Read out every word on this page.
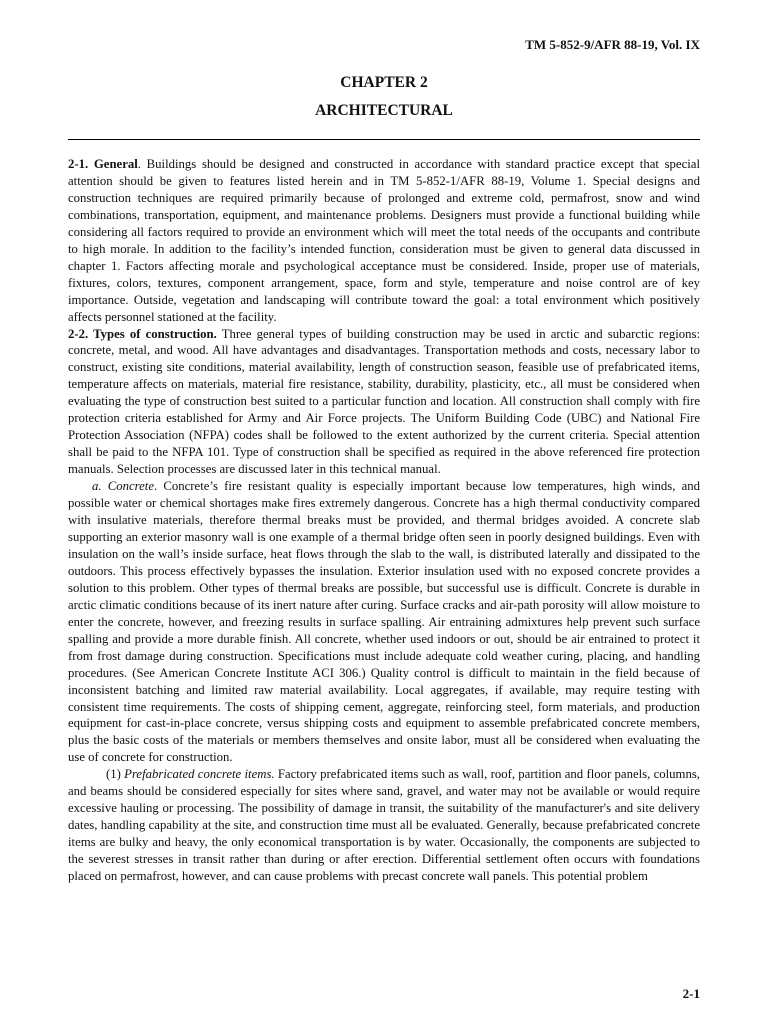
TM 5-852-9/AFR 88-19, Vol. IX
CHAPTER 2
ARCHITECTURAL

2-1. General. Buildings should be designed and constructed in accordance with standard practice except that special attention should be given to features listed herein and in TM 5-852-1/AFR 88-19, Volume 1. Special designs and construction techniques are required primarily because of prolonged and extreme cold, permafrost, snow and wind combinations, transportation, equipment, and maintenance problems. Designers must provide a functional building while considering all factors required to provide an environment which will meet the total needs of the occupants and contribute to high morale. In addition to the facility’s intended function, consideration must be given to general data discussed in chapter 1. Factors affecting morale and psychological acceptance must be considered. Inside, proper use of materials, fixtures, colors, textures, component arrangement, space, form and style, temperature and noise control are of key importance. Outside, vegetation and landscaping will contribute toward the goal: a total environment which positively affects personnel stationed at the facility.

2-2. Types of construction. Three general types of building construction may be used in arctic and subarctic regions: concrete, metal, and wood. All have advantages and disadvantages. Transportation methods and costs, necessary labor to construct, existing site conditions, material availability, length of construction season, feasible use of prefabricated items, temperature affects on materials, material fire resistance, stability, durability, plasticity, etc., all must be considered when evaluating the type of construction best suited to a particular function and location. All construction shall comply with fire protection criteria established for Army and Air Force projects. The Uniform Building Code (UBC) and National Fire Protection Association (NFPA) codes shall be followed to the extent authorized by the current criteria. Special attention shall be paid to the NFPA 101. Type of construction shall be specified as required in the above referenced fire protection manuals. Selection processes are discussed later in this technical manual.

a. Concrete. Concrete’s fire resistant quality is especially important because low temperatures, high winds, and possible water or chemical shortages make fires extremely dangerous. Concrete has a high thermal conductivity compared with insulative materials, therefore thermal breaks must be provided, and thermal bridges avoided. A concrete slab supporting an exterior masonry wall is one example of a thermal bridge often seen in poorly designed buildings. Even with insulation on the wall’s inside surface, heat flows through the slab to the wall, is distributed laterally and dissipated to the outdoors. This process effectively bypasses the insulation. Exterior insulation used with no exposed concrete provides a solution to this problem. Other types of thermal breaks are possible, but successful use is difficult. Concrete is durable in arctic climatic conditions because of its inert nature after curing. Surface cracks and air-path porosity will allow moisture to enter the concrete, however, and freezing results in surface spalling. Air entraining admixtures help prevent such surface spalling and provide a more durable finish. All concrete, whether used indoors or out, should be air entrained to protect it from frost damage during construction. Specifications must include adequate cold weather curing, placing, and handling procedures. (See American Concrete Institute ACI 306.) Quality control is difficult to maintain in the field because of inconsistent batching and limited raw material availability. Local aggregates, if available, may require testing with consistent time requirements. The costs of shipping cement, aggregate, reinforcing steel, form materials, and production equipment for cast-in-place concrete, versus shipping costs and equipment to assemble prefabricated concrete members, plus the basic costs of the materials or members themselves and onsite labor, must all be considered when evaluating the use of concrete for construction.

(1) Prefabricated concrete items. Factory prefabricated items such as wall, roof, partition and floor panels, columns, and beams should be considered especially for sites where sand, gravel, and water may not be available or would require excessive hauling or processing. The possibility of damage in transit, the suitability of the manufacturer's and site delivery dates, handling capability at the site, and construction time must all be evaluated. Generally, because prefabricated concrete items are bulky and heavy, the only economical transportation is by water. Occasionally, the components are subjected to the severest stresses in transit rather than during or after erection. Differential settlement often occurs with foundations placed on permafrost, however, and can cause problems with precast concrete wall panels. This potential problem

2-1
